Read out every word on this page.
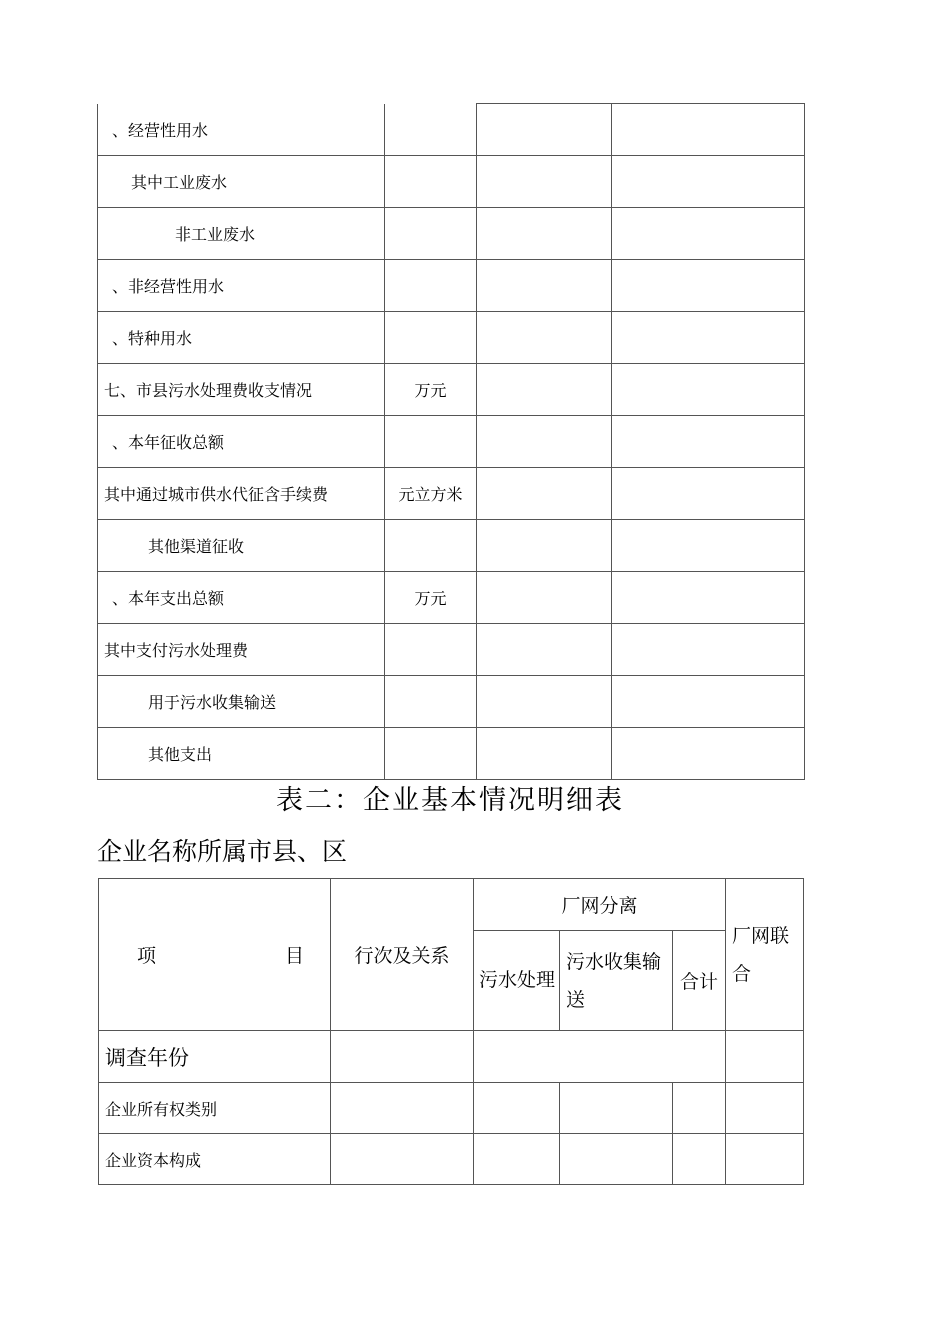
、经营性用水			
其中工业废水			
非工业废水			
、非经营性用水			
、特种用水			
七、市县污水处理费收支情况	万元		
、本年征收总额			
其中通过城市供水代征含手续费	元立方米		
其他渠道征收			
、本年支出总额	万元		
其中支付污水处理费			
用于污水收集输送			
其他支出			
表二：企业基本情况明细表
企业名称所属市县、区
项 目	行次及关系	厂网分离			厂网联合
		污水处理	污水收集输送	合计	
调查年份					
企业所有权类别					
企业资本构成					
